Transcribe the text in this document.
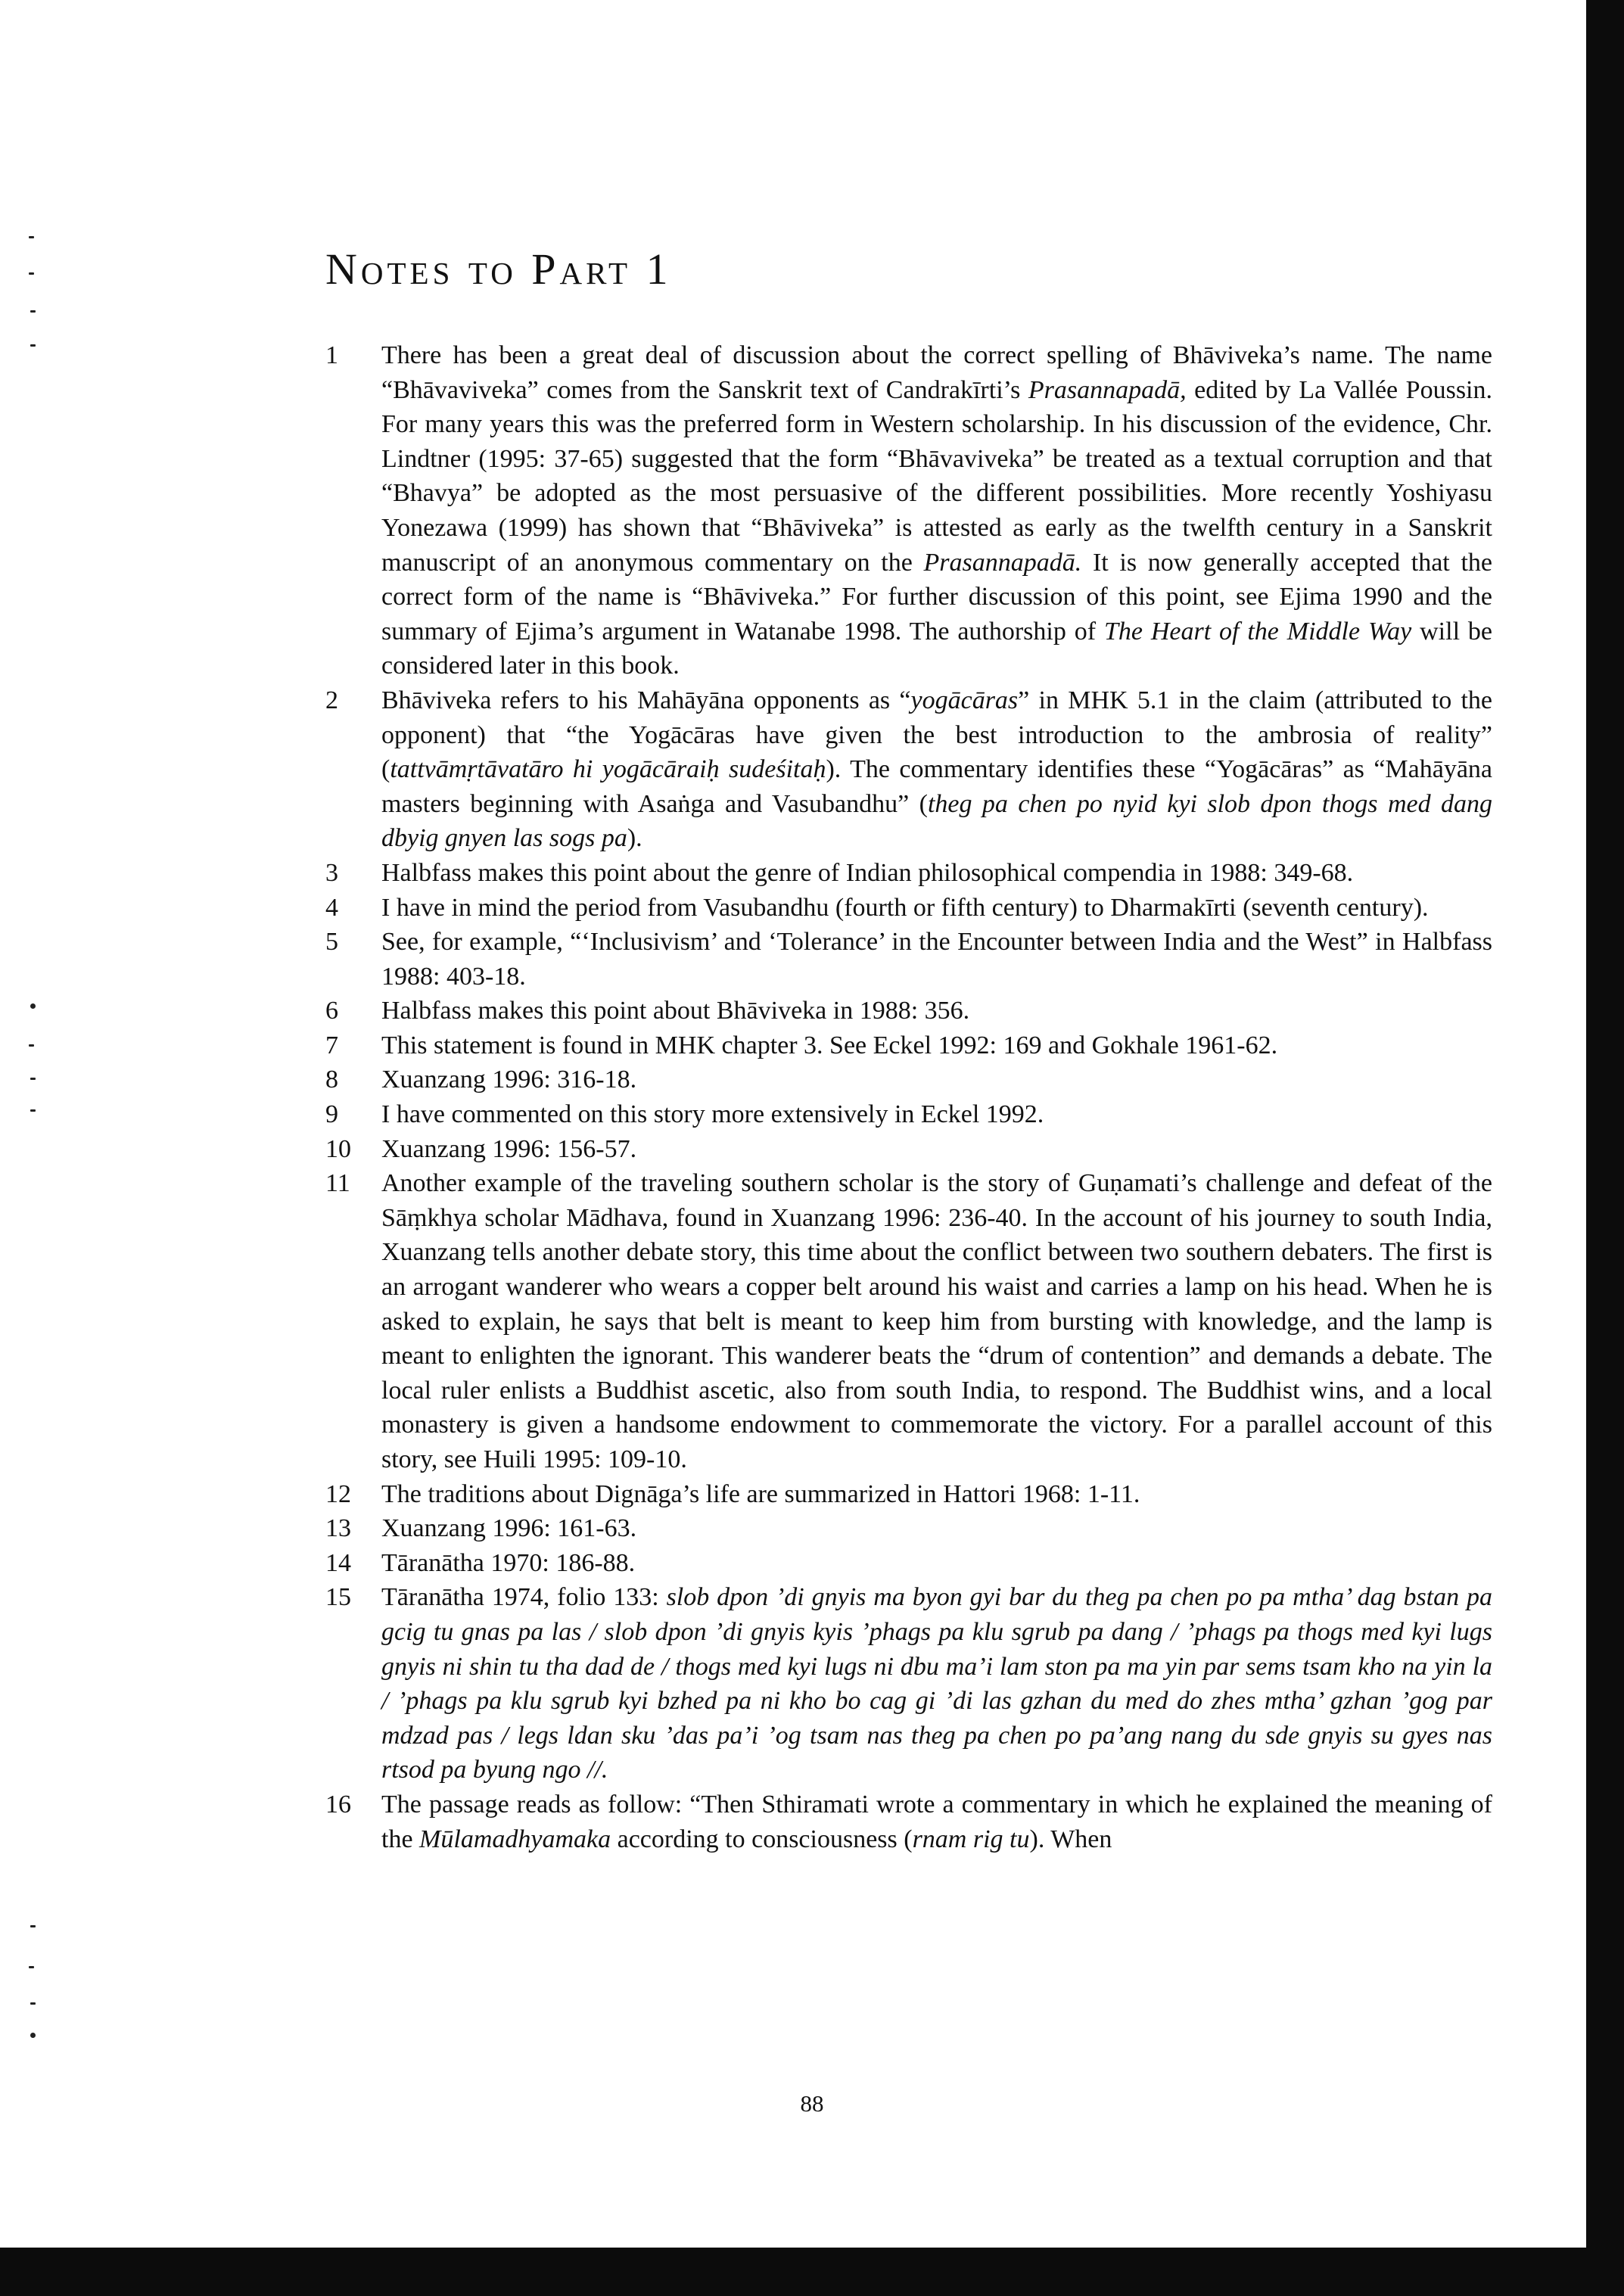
Notes to Part 1
1 There has been a great deal of discussion about the correct spelling of Bhāviveka’s name. The name “Bhāvaviveka” comes from the Sanskrit text of Candrakīrti’s Prasannapadā, edited by La Vallée Poussin. For many years this was the preferred form in Western scholarship. In his discussion of the evidence, Chr. Lindtner (1995: 37-65) suggested that the form “Bhāvaviveka” be treated as a textual corruption and that “Bhavya” be adopted as the most persuasive of the different possibilities. More recently Yoshiyasu Yonezawa (1999) has shown that “Bhāviveka” is attested as early as the twelfth century in a Sanskrit manuscript of an anonymous commentary on the Prasannapadā. It is now generally accepted that the correct form of the name is “Bhāviveka.” For further discussion of this point, see Ejima 1990 and the summary of Ejima’s argument in Watanabe 1998. The authorship of The Heart of the Middle Way will be considered later in this book.
2 Bhāviveka refers to his Mahāyāna opponents as “yogācāras” in MHK 5.1 in the claim (attributed to the opponent) that “the Yogācāras have given the best introduction to the ambrosia of reality” (tattvāmṛtāvatāro hi yogācāraiḥ sudeśitaḥ). The commentary identifies these “Yogācāras” as “Mahāyāna masters beginning with Asaṅga and Vasubandhu” (theg pa chen po nyid kyi slob dpon thogs med dang dbyig gnyen las sogs pa).
3 Halbfass makes this point about the genre of Indian philosophical compendia in 1988: 349-68.
4 I have in mind the period from Vasubandhu (fourth or fifth century) to Dharmakīrti (seventh century).
5 See, for example, “‘Inclusivism’ and ‘Tolerance’ in the Encounter between India and the West” in Halbfass 1988: 403-18.
6 Halbfass makes this point about Bhāviveka in 1988: 356.
7 This statement is found in MHK chapter 3. See Eckel 1992: 169 and Gokhale 1961-62.
8 Xuanzang 1996: 316-18.
9 I have commented on this story more extensively in Eckel 1992.
10 Xuanzang 1996: 156-57.
11 Another example of the traveling southern scholar is the story of Guṇamati’s challenge and defeat of the Sāṃkhya scholar Mādhava, found in Xuanzang 1996: 236-40. In the account of his journey to south India, Xuanzang tells another debate story, this time about the conflict between two southern debaters. The first is an arrogant wanderer who wears a copper belt around his waist and carries a lamp on his head. When he is asked to explain, he says that belt is meant to keep him from bursting with knowledge, and the lamp is meant to enlighten the ignorant. This wanderer beats the “drum of contention” and demands a debate. The local ruler enlists a Buddhist ascetic, also from south India, to respond. The Buddhist wins, and a local monastery is given a handsome endowment to commemorate the victory. For a parallel account of this story, see Huili 1995: 109-10.
12 The traditions about Dignāga’s life are summarized in Hattori 1968: 1-11.
13 Xuanzang 1996: 161-63.
14 Tāranātha 1970: 186-88.
15 Tāranātha 1974, folio 133: slob dpon ’di gnyis ma byon gyi bar du theg pa chen po pa mtha’ dag bstan pa gcig tu gnas pa las / slob dpon ’di gnyis kyis ’phags pa klu sgrub pa dang / ’phags pa thogs med kyi lugs gnyis ni shin tu tha dad de / thogs med kyi lugs ni dbu ma’i lam ston pa ma yin par sems tsam kho na yin la / ’phags pa klu sgrub kyi bzhed pa ni kho bo cag gi ’di las gzhan du med do zhes mtha’ gzhan ’gog par mdzad pas / legs ldan sku ’das pa’i ’og tsam nas theg pa chen po pa’ang nang du sde gnyis su gyes nas rtsod pa byung ngo //.
16 The passage reads as follow: “Then Sthiramati wrote a commentary in which he explained the meaning of the Mūlamadhyamaka according to consciousness (rnam rig tu). When
88
